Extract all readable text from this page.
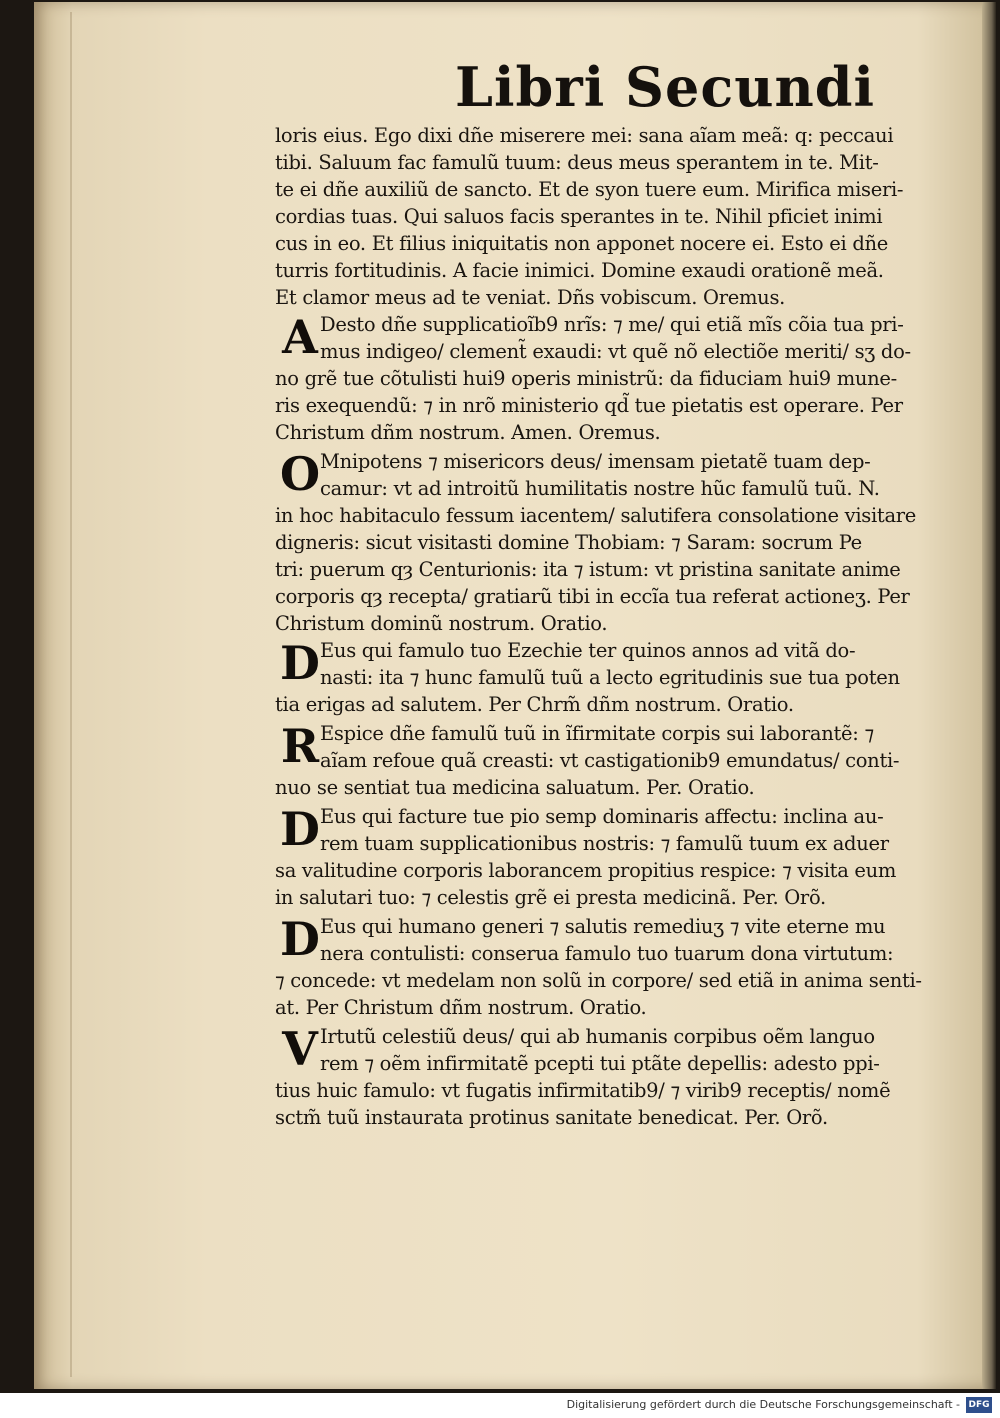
Libri Secundi
loris eius. Ego dixi dñe miserere mei: sana aĩam meã: q: peccaui
tibi. Saluum fac famulũ tuum: deus meus sperantem in te. Mit-
te ei dñe auxiliũ de sancto. Et de syon tuere eum. Mirifica miseri-
cordias tuas. Qui saluos facis sperantes in te. Nihil pficiet inimi
cus in eo. Et filius iniquitatis non apponet nocere ei. Esto ei dñe
turris fortitudinis. A facie inimici. Domine exaudi orationẽ meã.
Et clamor meus ad te veniat. Dñs vobiscum. Oremus.
Desto dñe supplicatioĩb9 nrĩs: ⁊ me/ qui etiã mĩs cõia tua pri-
mus indigeo/ clement̃ exaudi: vt quẽ nõ electiõe meriti/ sʒ do-
no grẽ tue cõtulisti hui9 operis ministrũ: da fiduciam hui9 mune-
ris exequendũ: ⁊ in nrõ ministerio qd̃ tue pietatis est operare. Per
Christum dñm nostrum. Amen. Oremus.
Mnipotens ⁊ misericors deus/ imensam pietatẽ tuam dep-
camur: vt ad introitũ humilitatis nostre hũc famulũ tuũ. N.
in hoc habitaculo fessum iacentem/ salutifera consolatione visitare
digneris: sicut visitasti domine Thobiam: ⁊ Saram: socrum Pe
tri: puerum qȝ Centurionis: ita ⁊ istum: vt pristina sanitate anime
corporis qȝ recepta/ gratiarũ tibi in eccĩa tua referat actioneʒ. Per
Christum dominũ nostrum. Oratio.
Eus qui famulo tuo Ezechie ter quinos annos ad vitã do-
nasti: ita ⁊ hunc famulũ tuũ a lecto egritudinis sue tua poten
tia erigas ad salutem. Per Chrm̃ dñm nostrum. Oratio.
Espice dñe famulũ tuũ in ĩfirmitate corpis sui laborantẽ: ⁊
aĩam refoue quã creasti: vt castigationib9 emundatus/ conti-
nuo se sentiat tua medicina saluatum. Per. Oratio.
Eus qui facture tue pio semp dominaris affectu: inclina au-
rem tuam supplicationibus nostris: ⁊ famulũ tuum ex aduer
sa valitudine corporis laborancem propitius respice: ⁊ visita eum
in salutari tuo: ⁊ celestis grẽ ei presta medicinã. Per. Orõ.
Eus qui humano generi ⁊ salutis remediuʒ ⁊ vite eterne mu
nera contulisti: conserua famulo tuo tuarum dona virtutum:
⁊ concede: vt medelam non solũ in corpore/ sed etiã in anima senti-
at. Per Christum dñm nostrum. Oratio.
Irtutũ celestiũ deus/ qui ab humanis corpibus oẽm languo
rem ⁊ oẽm infirmitatẽ pcepti tui ptãte depellis: adesto ppi-
tius huic famulo: vt fugatis infirmitatib9/ ⁊ virib9 receptis/ nomẽ
sctm̃ tuũ instaurata protinus sanitate benedicat. Per. Orõ.
A
O
D
R
D
D
V
Digitalisierung gefördert durch die Deutsche Forschungsgemeinschaft - DFG
